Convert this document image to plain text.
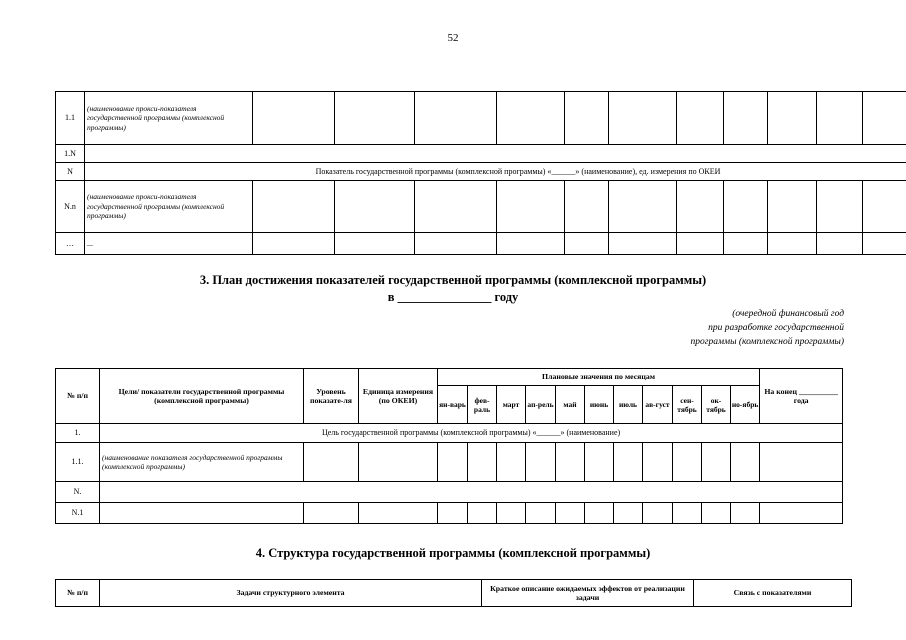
52
1.1	(наименование прокси-показателя государственной программы (комплексной программы)											
1.N												
N	Показатель государственной программы (комплексной программы) «______» (наименование), ед. измерения по ОКЕИ											
N.n	(наименование прокси-показателя государственной программы (комплексной программы)											
…	...											
3. План достижения показателей государственной программы (комплексной программы)
в _______________ году
(очередной финансовый год
при разработке государственной
программы (комплексной программы)
№ п/п	Цели/ показатели государственной программы (комплексной программы)	Уровень показате-ля	Единица измерения (по ОКЕИ)	Плановые значения по месяцам											На конец __________ года
				ян-варь	фев-раль	март	ап-рель	май	июнь	июль	ав-густ	сен-тябрь	ок-тябрь	но-ябрь	
1.	Цель государственной программы (комплексной программы) «______» (наименование)														
1.1.	(наименование показателя государственной программы (комплексной программы)														
N.															
N.1															
4. Структура государственной программы (комплексной программы)
№ п/п	Задачи структурного элемента	Краткое описание ожидаемых эффектов от реализации задачи	Связь с показателями
